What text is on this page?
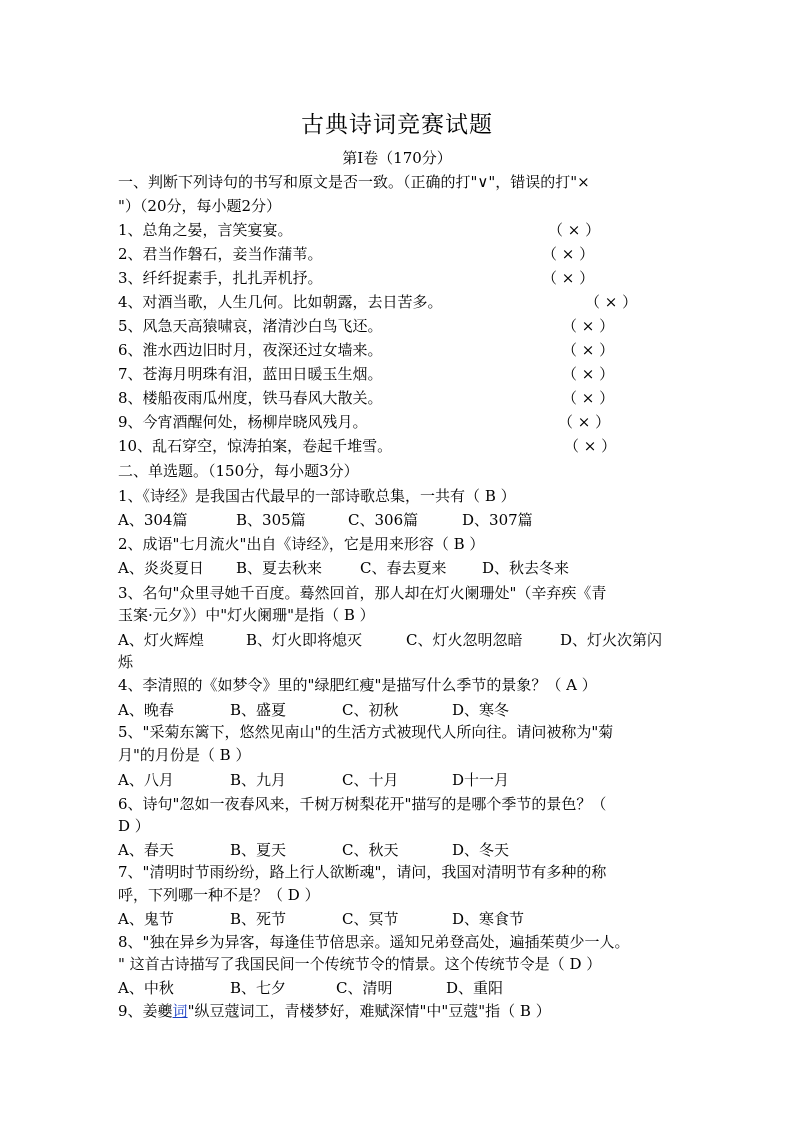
古典诗词竞赛试题
第Ⅰ卷（170分）
一、判断下列诗句的书写和原文是否一致。（正确的打"∨"，错误的打"×
"）（20分，每小题2分）
1、总角之晏，言笑宴宴。	（ × ）
2、君当作磐石，妾当作蒲苇。	（ × ）
3、纤纤捉素手，扎扎弄机抒。	（ × ）
4、对酒当歌，人生几何。比如朝露，去日苦多。	（ × ）
5、风急天高猿啸哀，渚清沙白鸟飞还。	（ × ）
6、淮水西边旧时月，夜深还过女墙来。	（ × ）
7、苍海月明珠有泪，蓝田日暖玉生烟。	（ × ）
8、楼船夜雨瓜州度，铁马春风大散关。	（ × ）
9、今宵酒醒何处，杨柳岸晓风残月。	（ × ）
10、乱石穿空，惊涛拍案，卷起千堆雪。	（ × ）
二、单选题。（150分，每小题3分）
1、《诗经》是我国古代最早的一部诗歌总集，一共有（ B ）
A、304篇	B、305篇	C、306篇	D、307篇
2、成语"七月流火"出自《诗经》，它是用来形容（ B ）
A、炎炎夏日 B、夏去秋来	C、春去夏来 D、秋去冬来
3、名句"众里寻她千百度。蓦然回首，那人却在灯火阑珊处"（辛弃疾《青
玉案·元夕》）中"灯火阑珊"是指（ B ）
A、灯火辉煌	B、灯火即将熄灭	C、灯火忽明忽暗	D、灯火次第闪
烁
4、李清照的《如梦令》里的"绿肥红瘦"是描写什么季节的景象？（ A ）
A、晚春	B、盛夏	C、初秋	D、寒冬
5、"采菊东篱下，悠然见南山"的生活方式被现代人所向往。请问被称为"菊
月"的月份是（ B ）
A、八月	B、九月	C、十月	D十一月
6、诗句"忽如一夜春风来，千树万树梨花开"描写的是哪个季节的景色？（
D ）
A、春天	B、夏天	C、秋天	D、冬天
7、"清明时节雨纷纷，路上行人欲断魂"，请问，我国对清明节有多种的称
呼，下列哪一种不是？（ D ）
A、鬼节	B、死节	C、冥节	D、寒食节
8、"独在异乡为异客，每逢佳节倍思亲。遥知兄弟登高处，遍插茱萸少一人。
" 这首古诗描写了我国民间一个传统节令的情景。这个传统节令是（ D ）
A、中秋	B、七夕	C、清明	D、重阳
9、姜夔词"纵豆蔻词工，青楼梦好，难赋深情"中"豆蔻"指（ B ）
